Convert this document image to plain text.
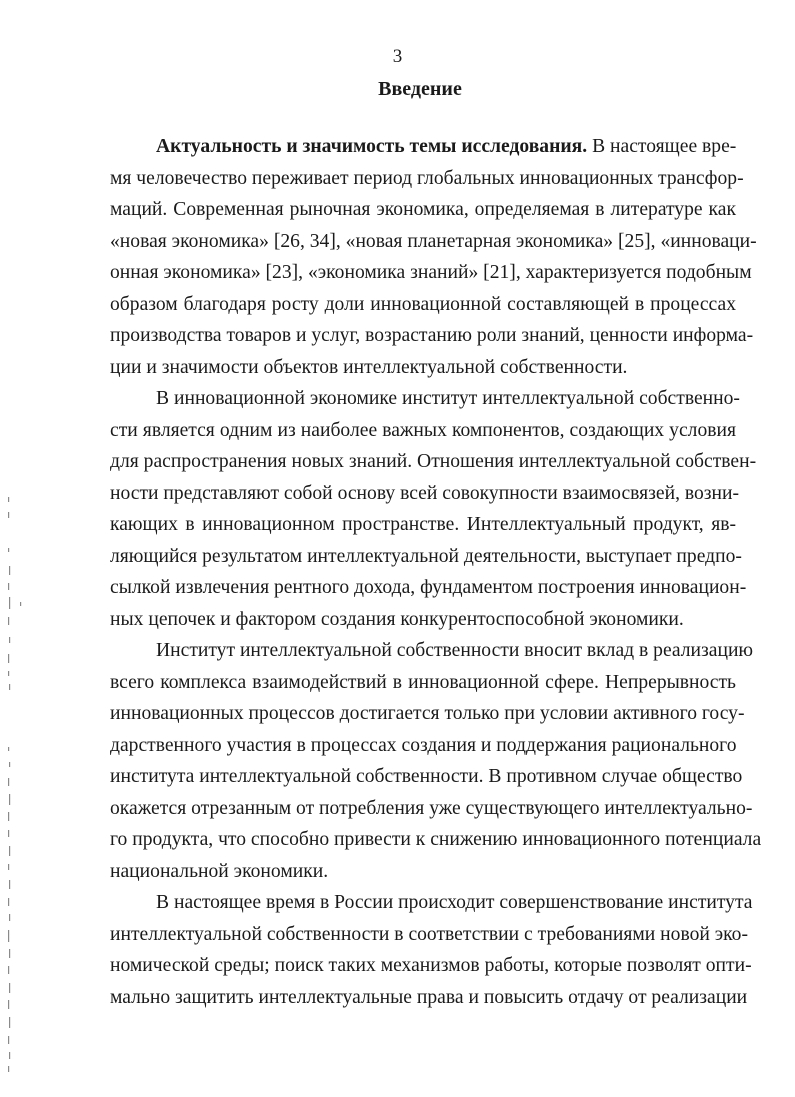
3
Введение
Актуальность и значимость темы исследования. В настоящее вре-
мя человечество переживает период глобальных инновационных трансфор-
маций. Современная рыночная экономика, определяемая в литературе как
«новая экономика» [26, 34], «новая планетарная экономика» [25], «инноваци-
онная экономика» [23], «экономика знаний» [21], характеризуется подобным
образом благодаря росту доли инновационной составляющей в процессах
производства товаров и услуг, возрастанию роли знаний, ценности информа-
ции и значимости объектов интеллектуальной собственности.
В инновационной экономике институт интеллектуальной собственно-
сти является одним из наиболее важных компонентов, создающих условия
для распространения новых знаний. Отношения интеллектуальной собствен-
ности представляют собой основу всей совокупности взаимосвязей, возни-
кающих в инновационном пространстве. Интеллектуальный продукт, яв-
ляющийся результатом интеллектуальной деятельности, выступает предпо-
сылкой извлечения рентного дохода, фундаментом построения инновацион-
ных цепочек и фактором создания конкурентоспособной экономики.
Институт интеллектуальной собственности вносит вклад в реализацию
всего комплекса взаимодействий в инновационной сфере. Непрерывность
инновационных процессов достигается только при условии активного госу-
дарственного участия в процессах создания и поддержания рационального
института интеллектуальной собственности. В противном случае общество
окажется отрезанным от потребления уже существующего интеллектуально-
го продукта, что способно привести к снижению инновационного потенциала
национальной экономики.
В настоящее время в России происходит совершенствование института
интеллектуальной собственности в соответствии с требованиями новой эко-
номической среды; поиск таких механизмов работы, которые позволят опти-
мально защитить интеллектуальные права и повысить отдачу от реализации
